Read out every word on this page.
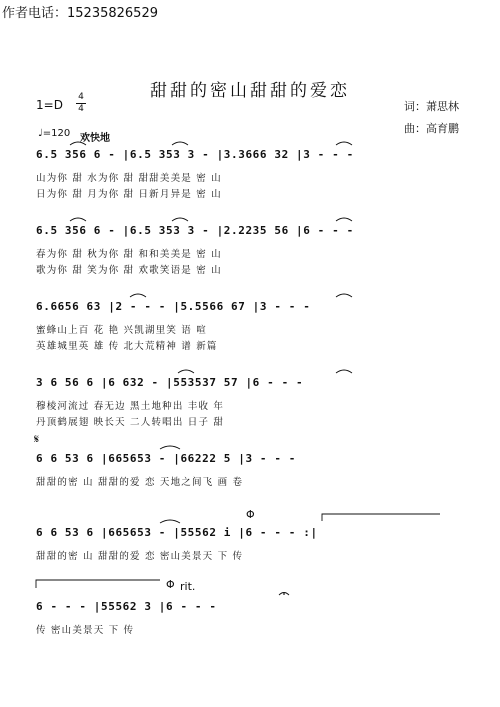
作者电话：15235826529
甜甜的密山甜甜的爱恋
1=D
4
4
♩=120 欢快地
词：萧思林
曲：高育鹏
6.5 356 6 - |6.5 353 3 - |3.3666 32 |3 - - -
山为你 甜 水为你 甜 甜甜美美是 密 山
日为你 甜 月为你 甜 日新月异是 密 山
6.5 356 6 - |6.5 353 3 - |2.2235 56 |6 - - -
春为你 甜 秋为你 甜 和和美美是 密 山
歌为你 甜 笑为你 甜 欢歌笑语是 密 山
6.6656 63 |2 - - - |5.5566 67 |3 - - -
蜜蜂山上百 花 艳 兴凯湖里笑 语 喧
英雄城里英 雄 传 北大荒精神 谱 新篇
3 6 56 6 |6 632 - |553537 57 |6 - - -
穆棱河流过 春无边 黑土地种出 丰收 年
丹顶鹤展翅 映长天 二人转唱出 日子 甜
𝄋
6 6 53 6 |665653 - |66222 5 |3 - - -
甜甜的密 山 甜甜的爱 恋 天地之间飞 画 卷
Φ
6 6 53 6 |665653 - |55562 i |6 - - - :|
甜甜的密 山 甜甜的爱 恋 密山美景天 下 传
Φ rit.
6 - - - |55562 3 |6 - - -
传 密山美景天 下 传
